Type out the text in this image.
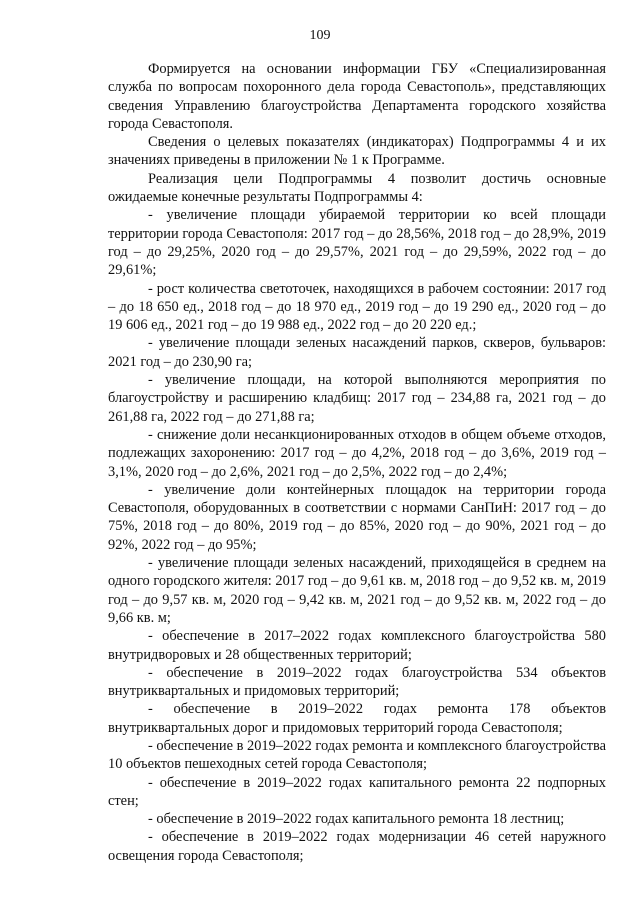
109

Формируется на основании информации ГБУ «Специализированная служба по вопросам похоронного дела города Севастополь», представляющих сведения Управлению благоустройства Департамента городского хозяйства города Севастополя.

Сведения о целевых показателях (индикаторах) Подпрограммы 4 и их значениях приведены в приложении № 1 к Программе.

Реализация цели Подпрограммы 4 позволит достичь основные ожидаемые конечные результаты Подпрограммы 4:

- увеличение площади убираемой территории ко всей площади территории города Севастополя: 2017 год – до 28,56%, 2018 год – до 28,9%, 2019 год – до 29,25%, 2020 год – до 29,57%, 2021 год – до 29,59%, 2022 год – до 29,61%;

- рост количества светоточек, находящихся в рабочем состоянии: 2017 год – до 18 650 ед., 2018 год – до 18 970 ед., 2019 год – до 19 290 ед., 2020 год – до 19 606 ед., 2021 год – до 19 988 ед., 2022 год – до 20 220 ед.;

- увеличение площади зеленых насаждений парков, скверов, бульваров: 2021 год – до 230,90 га;

- увеличение площади, на которой выполняются мероприятия по благоустройству и расширению кладбищ: 2017 год – 234,88 га, 2021 год – до 261,88 га, 2022 год – до 271,88 га;

- снижение доли несанкционированных отходов в общем объеме отходов, подлежащих захоронению: 2017 год – до 4,2%, 2018 год – до 3,6%, 2019 год – 3,1%, 2020 год – до 2,6%, 2021 год – до 2,5%, 2022 год – до 2,4%;

- увеличение доли контейнерных площадок на территории города Севастополя, оборудованных в соответствии с нормами СанПиН: 2017 год – до 75%, 2018 год – до 80%, 2019 год – до 85%, 2020 год – до 90%, 2021 год – до 92%, 2022 год – до 95%;

- увеличение площади зеленых насаждений, приходящейся в среднем на одного городского жителя: 2017 год – до 9,61 кв. м, 2018 год – до 9,52 кв. м, 2019 год – до 9,57 кв. м, 2020 год – 9,42 кв. м, 2021 год – до 9,52 кв. м, 2022 год – до 9,66 кв. м;

- обеспечение в 2017–2022 годах комплексного благоустройства 580 внутридворовых и 28 общественных территорий;

- обеспечение в 2019–2022 годах благоустройства 534 объектов внутриквартальных и придомовых территорий;

- обеспечение в 2019–2022 годах ремонта 178 объектов внутриквартальных дорог и придомовых территорий города Севастополя;

- обеспечение в 2019–2022 годах ремонта и комплексного благоустройства 10 объектов пешеходных сетей города Севастополя;

- обеспечение в 2019–2022 годах капитального ремонта 22 подпорных стен;

- обеспечение в 2019–2022 годах капитального ремонта 18 лестниц;

- обеспечение в 2019–2022 годах модернизации 46 сетей наружного освещения города Севастополя;
